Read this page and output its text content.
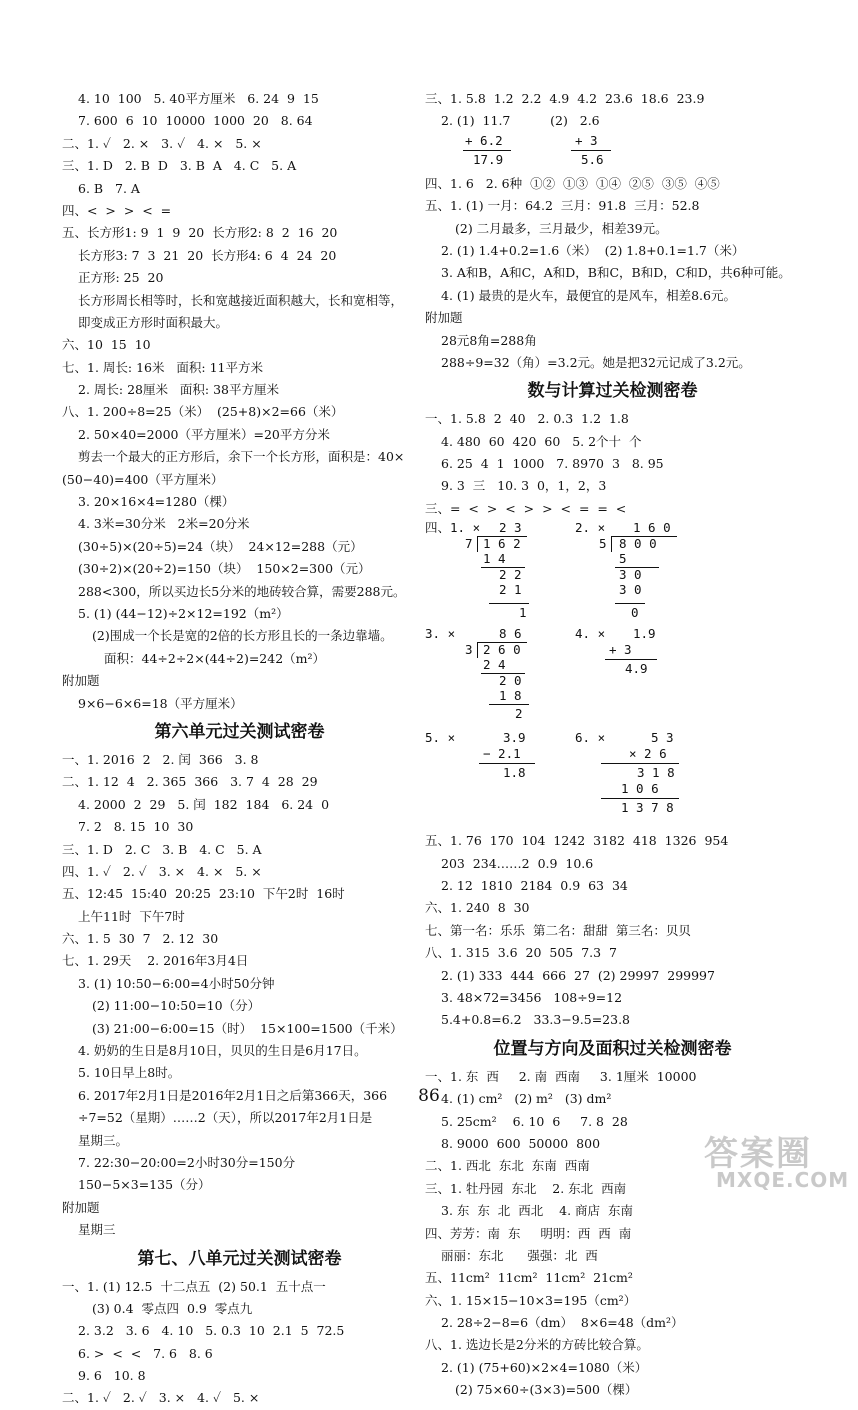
4. 10  100   5. 40平方厘米   6. 24  9  15
7. 600  6  10  10000  1000  20   8. 64
二、1. ✓   2. ×   3. ✓   4. ×   5. ×
三、1. D   2. B  D   3. B  A   4. C   5. A
6. B   7. A
四、<  >  >  <  =
五、长方形1: 9  1  9  20  长方形2: 8  2  16  20
长方形3: 7  3  21  20  长方形4: 6  4  24  20
正方形: 25  20
长方形周长相等时，长和宽越接近面积越大，长和宽相等，
即变成正方形时面积最大。
六、10  15  10
七、1. 周长: 16米   面积: 11平方米
2. 周长: 28厘米   面积: 38平方厘米
八、1. 200÷8=25（米）  (25+8)×2=66（米）
2. 50×40=2000（平方厘米）=20平方分米
剪去一个最大的正方形后，余下一个长方形，面积是：40×
(50−40)=400（平方厘米）
3. 20×16×4=1280（棵）
4. 3米=30分米   2米=20分米
(30÷5)×(20÷5)=24（块）  24×12=288（元）
(30÷2)×(20÷2)=150（块）  150×2=300（元）
288<300，所以买边长5分米的地砖较合算，需要288元。
5. (1) (44−12)÷2×12=192（m²）
(2)围成一个长是宽的2倍的长方形且长的一条边靠墙。
面积：44÷2÷2×(44÷2)=242（m²）
附加题
9×6−6×6=18（平方厘米）
第六单元过关测试密卷
一、1. 2016  2   2. 闰  366   3. 8
二、1. 12  4   2. 365  366   3. 7  4  28  29
4. 2000  2  29   5. 闰  182  184   6. 24  0
7. 2   8. 15  10  30
三、1. D   2. C   3. B   4. C   5. A
四、1. ✓   2. ✓   3. ×   4. ×   5. ×
五、12:45  15:40  20:25  23:10  下午2时  16时
上午11时  下午7时
六、1. 5  30  7   2. 12  30
七、1. 29天    2. 2016年3月4日
3. (1) 10:50−6:00=4小时50分钟
(2) 11:00−10:50=10（分）
(3) 21:00−6:00=15（时）  15×100=1500（千米）
4. 奶奶的生日是8月10日，贝贝的生日是6月17日。
5. 10日早上8时。
6. 2017年2月1日是2016年2月1日之后第366天，366
÷7=52（星期）……2（天），所以2017年2月1日是
星期三。
7. 22:30−20:00=2小时30分=150分
150−5×3=135（分）
附加题
星期三
第七、八单元过关测试密卷
一、1. (1) 12.5  十二点五  (2) 50.1  五十点一
(3) 0.4  零点四  0.9  零点九
2. 3.2   3. 6   4. 10   5. 0.3  10  2.1  5  72.5
6. >  <  <   7. 6   8. 6
9. 6   10. 8
二、1. ✓   2. ✓   3. ×   4. ✓   5. ×
三、1. 5.8  1.2  2.2  4.9  4.2  23.6  18.6  23.9
2. (1)  11.7          (2)   2.6
+ 6.2
17.9
+ 3
5.6
四、1. 6   2. 6种  ①②  ①③  ①④  ②⑤  ③⑤  ④⑤
五、1. (1) 一月：64.2  三月：91.8  三月：52.8
(2) 二月最多，三月最少，相差39元。
2. (1) 1.4+0.2=1.6（米）  (2) 1.8+0.1=1.7（米）
3. A和B，A和C，A和D，B和C，B和D，C和D，共6种可能。
4. (1) 最贵的是火车，最便宜的是风车，相差8.6元。
附加题
28元8角=288角
288÷9=32（角）=3.2元。她是把32元记成了3.2元。
数与计算过关检测密卷
一、1. 5.8  2  40   2. 0.3  1.2  1.8
4. 480  60  420  60   5. 2个十  个
6. 25  4  1  1000   7. 8970  3   8. 95
9. 3  三   10. 3  0，1，2，3
三、=  <  >  <  >  >  <  =  =  <
四、1. × 2 3
7 1 6 2
1 4
2 2
2 1
2. × 1 6 0
5 8 0 0
5
3 0
3 0
1	0
3. ×	8 6
3 2 6 0
2 4
2 0
1 8
2
4. × 1.9
+ 3
4.9
5. ×	3.9
− 2.1
1.8
6. ×	5 3
× 2 6
3 1 8
1 0 6
1 3 7 8
五、1. 76  170  104  1242  3182  418  1326  954
203  234……2  0.9  10.6
2. 12  1810  2184  0.9  63  34
六、1. 240  8  30
七、第一名：乐乐  第二名：甜甜  第三名：贝贝
八、1. 315  3.6  20  505  7.3  7
2. (1) 333  444  666  27  (2) 29997  299997
3. 48×72=3456   108÷9=12
5.4+0.8=6.2   33.3−9.5=23.8
位置与方向及面积过关检测密卷
一、1. 东  西     2. 南  西南     3. 1厘米  10000
4. (1) cm²   (2) m²   (3) dm²
5. 25cm²    6. 10  6     7. 8  28
8. 9000  600  50000  800
二、1. 西北  东北  东南  西南
三、1. 牡丹园  东北    2. 东北  西南
3. 东  东  北  西北    4. 商店  东南
四、芳芳：南  东     明明：西  西  南
丽丽：东北      强强：北  西
五、11cm²  11cm²  11cm²  21cm²
六、1. 15×15−10×3=195（cm²）
2. 28÷2−8=6（dm）  8×6=48（dm²）
八、1. 选边长是2分米的方砖比较合算。
2. (1) (75+60)×2×4=1080（米）
(2) 75×60÷(3×3)=500（棵）
86
答案圈
MXQE.COM
